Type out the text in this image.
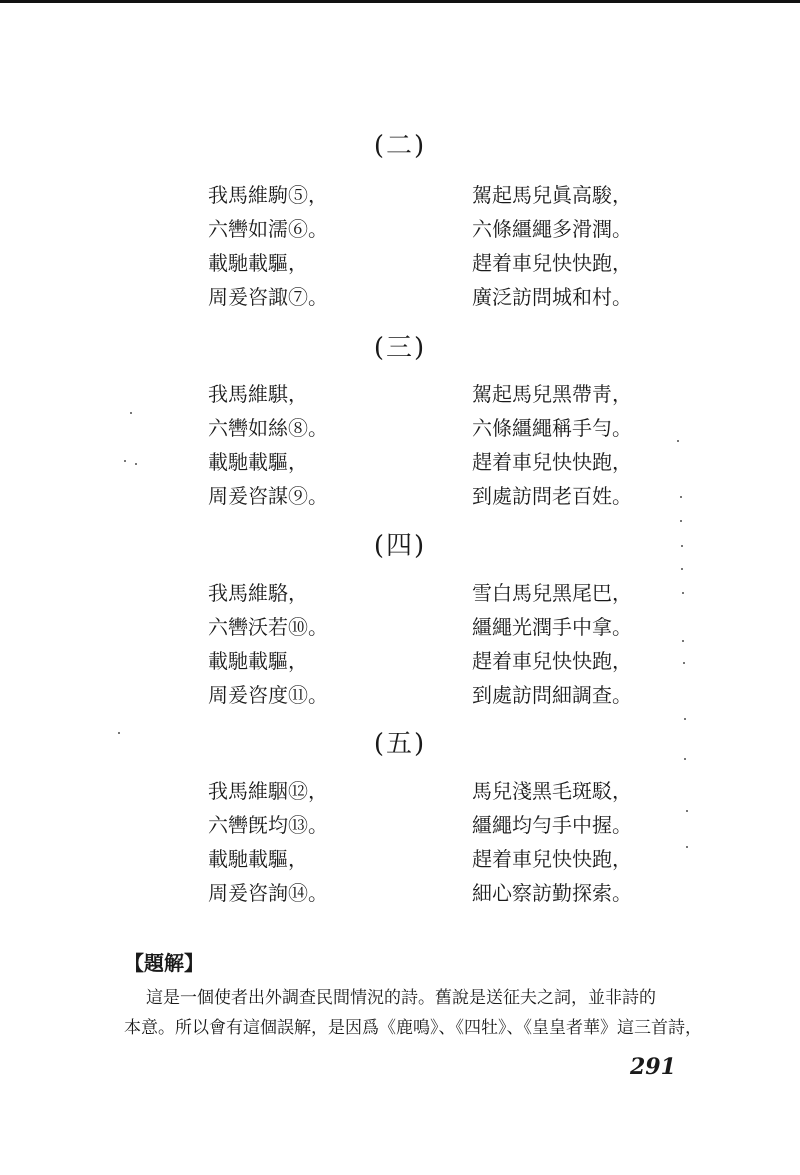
(二)
我馬維駒⑤，	駕起馬兒眞高駿，
六轡如濡⑥。	六條繮繩多滑潤。
載馳載驅，	趕着車兒快快跑，
周爰咨諏⑦。	廣泛訪問城和村。
(三)
我馬維騏，	駕起馬兒黑帶靑，
六轡如絲⑧。	六條繮繩稱手勻。
載馳載驅，	趕着車兒快快跑，
周爰咨謀⑨。	到處訪問老百姓。
(四)
我馬維駱，	雪白馬兒黑尾巴，
六轡沃若⑩。	繮繩光潤手中拿。
載馳載驅，	趕着車兒快快跑，
周爰咨度⑪。	到處訪問細調查。
(五)
我馬維駰⑫，	馬兒淺黑毛斑駁，
六轡旣均⑬。	繮繩均勻手中握。
載馳載驅，	趕着車兒快快跑，
周爰咨詢⑭。	細心察訪勤探索。
【題解】
這是一個使者出外調查民間情況的詩。舊說是送征夫之詞，並非詩的
本意。所以會有這個誤解，是因爲《鹿鳴》、《四牡》、《皇皇者華》這三首詩，
291
